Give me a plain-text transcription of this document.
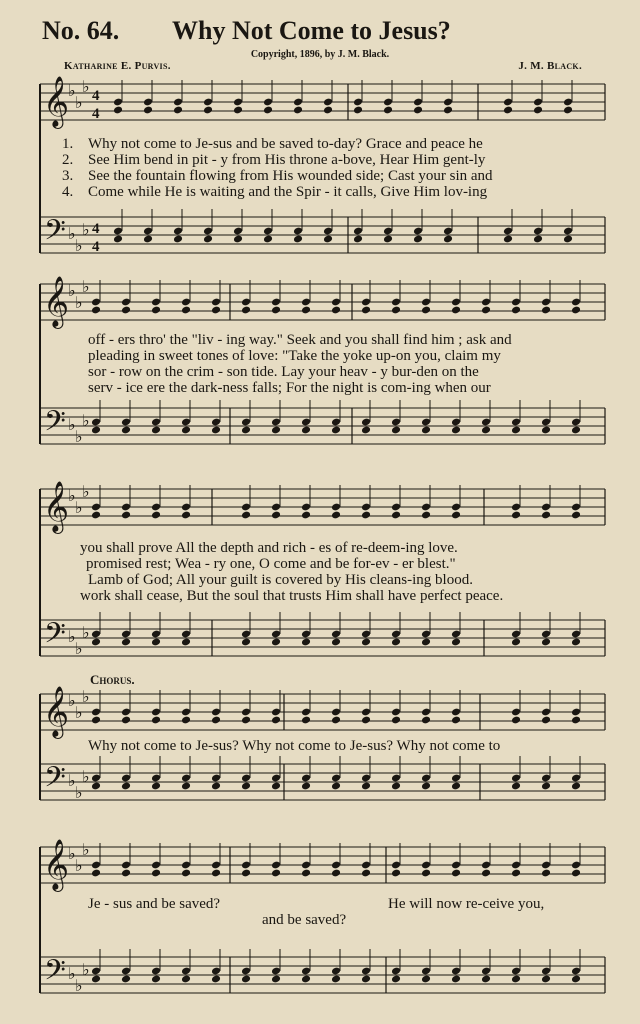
No. 64. Why Not Come to Jesus?
Copyright, 1896, by J. M. Black.
Katharine E. Purvis.	J. M. Black.
𝄞
𝄢
♭
♭
♭
♭
♭
♭
4
4
4
4
𝄞
𝄢
♭
♭
♭
♭
♭
♭
𝄞
𝄢
♭
♭
♭
♭
♭
♭
𝄞
𝄢
♭
♭
♭
♭
♭
♭
𝄞
𝄢
♭
♭
♭
♭
♭
♭
1. Why not come to Je-sus and be saved to-day? Grace and peace he
2. See Him bend in pit - y from His throne a-bove, Hear Him gent-ly
3. See the fountain flowing from His wounded side; Cast your sin and
4. Come while He is waiting and the Spir - it calls, Give Him lov-ing
off - ers thro' the "liv - ing way." Seek and you shall find him ; ask and
pleading in sweet tones of love: "Take the yoke up-on you, claim my
sor - row on the crim - son tide. Lay your heav - y bur-den on the
serv - ice ere the dark-ness falls; For the night is com-ing when our
you shall prove All the depth and rich - es of re-deem-ing love.
promised rest; Wea - ry one, O come and be for-ev - er blest."
Lamb of God; All your guilt is covered by His cleans-ing blood.
work shall cease, But the soul that trusts Him shall have perfect peace.
Chorus.
Why not come to Je-sus? Why not come to Je-sus? Why not come to
Je - sus and be saved?	He will now re-ceive you,
and be saved?
